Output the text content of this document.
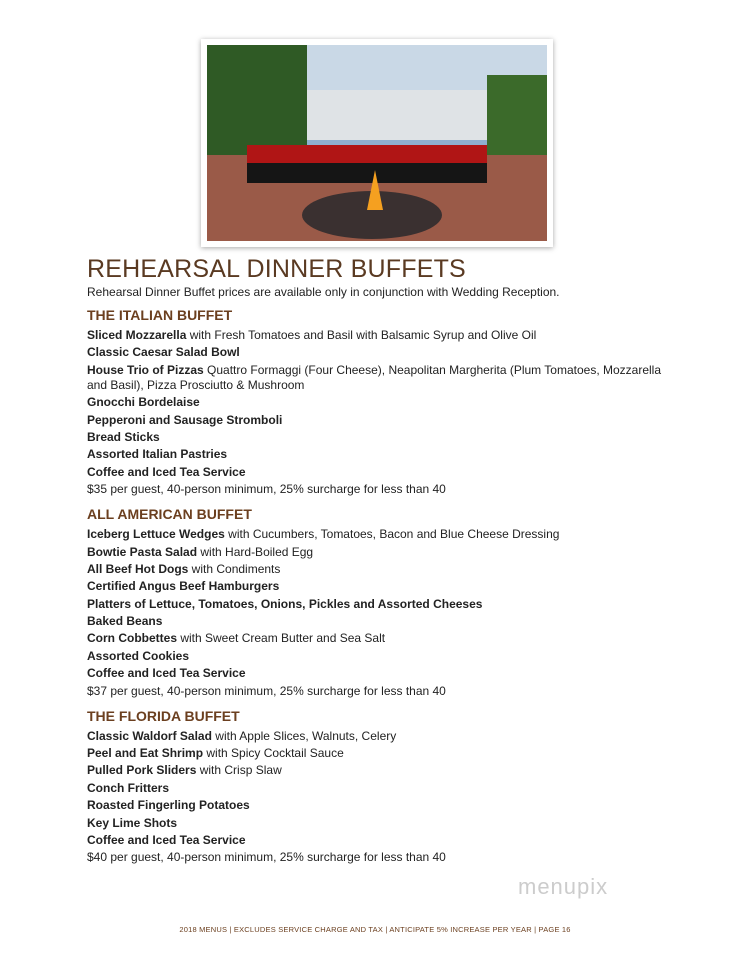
REHEARSAL DINNER BUFFETS

Rehearsal Dinner Buffet prices are available only in conjunction with Wedding Reception.

THE ITALIAN BUFFET

Sliced Mozzarella with Fresh Tomatoes and Basil with Balsamic Syrup and Olive Oil

Classic Caesar Salad Bowl

House Trio of Pizzas Quattro Formaggi (Four Cheese), Neapolitan Margherita (Plum Tomatoes, Mozzarella and Basil), Pizza Prosciutto & Mushroom

Gnocchi Bordelaise

Pepperoni and Sausage Stromboli

Bread Sticks

Assorted Italian Pastries

Coffee and Iced Tea Service

$35 per guest, 40-person minimum, 25% surcharge for less than 40

ALL AMERICAN BUFFET

Iceberg Lettuce Wedges with Cucumbers, Tomatoes, Bacon and Blue Cheese Dressing

Bowtie Pasta Salad with Hard-Boiled Egg

All Beef Hot Dogs with Condiments

Certified Angus Beef Hamburgers

Platters of Lettuce, Tomatoes, Onions, Pickles and Assorted Cheeses

Baked Beans

Corn Cobbettes with Sweet Cream Butter and Sea Salt

Assorted Cookies

Coffee and Iced Tea Service

$37 per guest, 40-person minimum, 25% surcharge for less than 40

THE FLORIDA BUFFET

Classic Waldorf Salad with Apple Slices, Walnuts, Celery

Peel and Eat Shrimp with Spicy Cocktail Sauce

Pulled Pork Sliders with Crisp Slaw

Conch Fritters

Roasted Fingerling Potatoes

Key Lime Shots

Coffee and Iced Tea Service

$40 per guest, 40-person minimum, 25% surcharge for less than 40

menupix
2018 MENUS | EXCLUDES SERVICE CHARGE AND TAX | ANTICIPATE 5% INCREASE PER YEAR | PAGE 16
